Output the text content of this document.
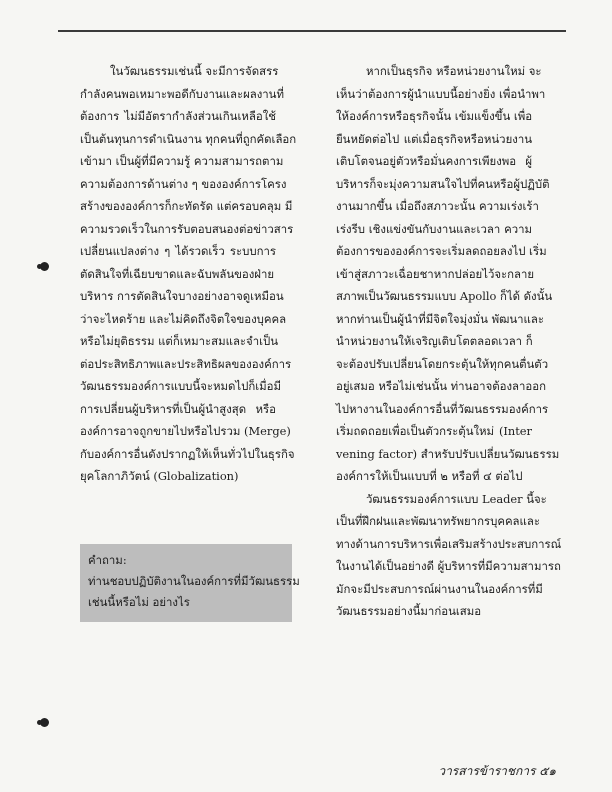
ในวัฒนธรรมเช่นนี้ จะมีการจัดสรร
กำลังคนพอเหมาะพอดีกับงานและผลงานที่
ต้องการ ไม่มีอัตรากำลังส่วนเกินเหลือใช้
เป็นต้นทุนการดำเนินงาน ทุกคนที่ถูกคัดเลือก
เข้ามา เป็นผู้ที่มีความรู้ ความสามารถตาม
ความต้องการด้านต่าง ๆ ขององค์การโครง
สร้างขององค์การก็กะทัดรัด แต่ครอบคลุม มี
ความรวดเร็วในการรับตอบสนองต่อข่าวสาร
เปลี่ยนแปลงต่าง ๆ ได้รวดเร็ว ระบบการ
ตัดสินใจที่เฉียบขาดและฉับพลันของฝ่าย
บริหาร การตัดสินใจบางอย่างอาจดูเหมือน
ว่าจะไหดร้าย และไม่คิดถึงจิตใจของบุคคล
หรือไม่ยุติธรรม แต่ก็เหมาะสมและจำเป็น
ต่อประสิทธิภาพและประสิทธิผลขององค์การ
วัฒนธรรมองค์การแบบนี้จะหมดไปก็เมื่อมี
การเปลี่ยนผู้บริหารที่เป็นผู้นำสูงสุด หรือ
องค์การอาจถูกขายไปหรือไปรวม (Merge)
กับองค์การอื่นดังปรากฏให้เห็นทั่วไปในธุรกิจ
ยุคโลกาภิวัตน์ (Globalization)
คำถาม:
ท่านชอบปฏิบัติงานในองค์การที่มีวัฒนธรรม
เช่นนี้หรือไม่ อย่างไร
หากเป็นธุรกิจ หรือหน่วยงานใหม่ จะ
เห็นว่าต้องการผู้นำแบบนี้อย่างยิ่ง เพื่อนำพา
ให้องค์การหรือธุรกิจนั้น เข้มแข็งขึ้น เพื่อ
ยืนหยัดต่อไป แต่เมื่อธุรกิจหรือหน่วยงาน
เติบโตจนอยู่ตัวหรือมั่นคงการเพียงพอ ผู้
บริหารก็จะมุ่งความสนใจไปที่คนหรือผู้ปฏิบัติ
งานมากขึ้น เมื่อถึงสภาวะนั้น ความเร่งเร้า
เร่งรีบ เชิงแข่งขันกับงานและเวลา ความ
ต้องการขององค์การจะเริ่มลดถอยลงไป เริ่ม
เข้าสู่สภาวะเฉื่อยชาหากปล่อยไว้จะกลาย
สภาพเป็นวัฒนธรรมแบบ Apollo ก็ได้ ดังนั้น
หากท่านเป็นผู้นำที่มีจิตใจมุ่งมั่น พัฒนาและ
นำหน่วยงานให้เจริญเติบโตตลอดเวลา ก็
จะต้องปรับเปลี่ยนโดยกระตุ้นให้ทุกคนตื่นตัว
อยู่เสมอ หรือไม่เช่นนั้น ท่านอาจต้องลาออก
ไปหางานในองค์การอื่นที่วัฒนธรรมองค์การ
เริ่มถดถอยเพื่อเป็นตัวกระตุ้นใหม่ (Inter
vening factor) สำหรับปรับเปลี่ยนวัฒนธรรม
องค์การให้เป็นแบบที่ ๒ หรือที่ ๔ ต่อไป
วัฒนธรรมองค์การแบบ Leader นี้จะ
เป็นที่ฝึกฝนและพัฒนาทรัพยากรบุคคลและ
ทางด้านการบริหารเพื่อเสริมสร้างประสบการณ์
ในงานได้เป็นอย่างดี ผู้บริหารที่มีความสามารถ
มักจะมีประสบการณ์ผ่านงานในองค์การที่มี
วัฒนธรรมอย่างนี้มาก่อนเสมอ
วารสารข้าราชการ ๕๑
